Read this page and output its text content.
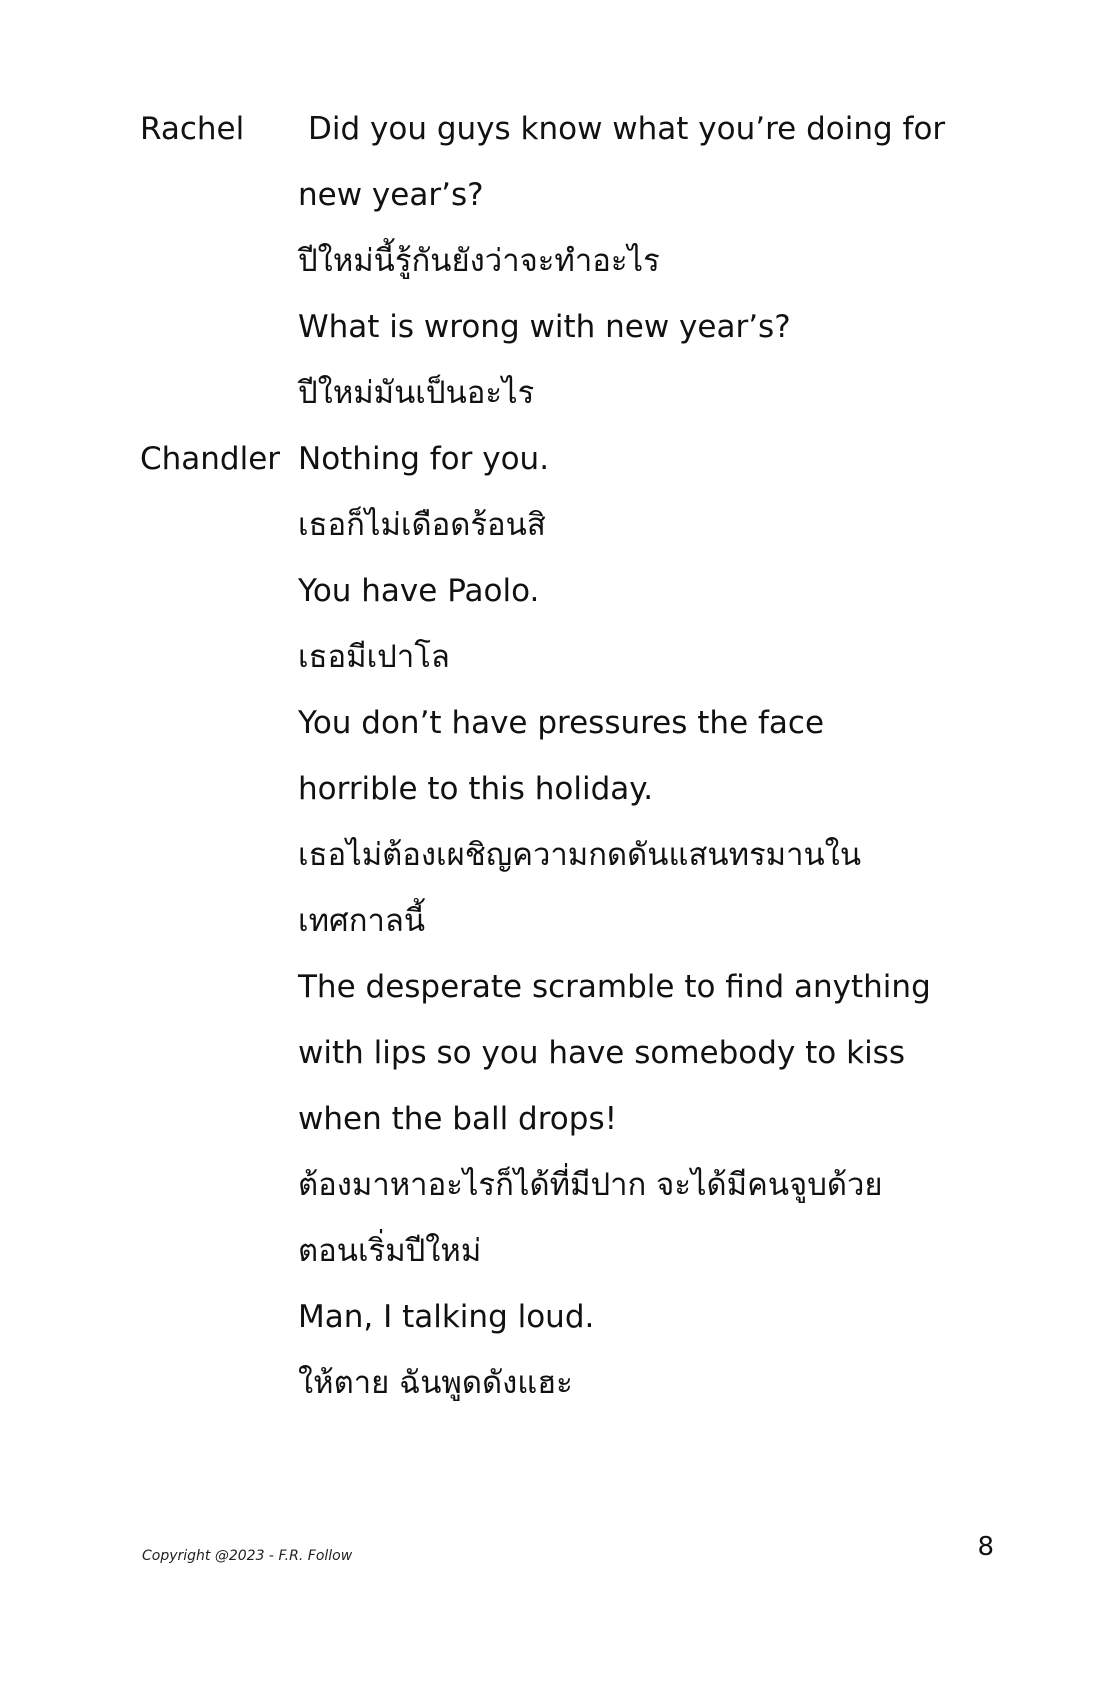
Rachel	Did you guys know what you’re doing for
new year’s?
ปีใหม่นี้รู้กันยังว่าจะทำอะไร
What is wrong with new year’s?
ปีใหม่มันเป็นอะไร
Chandler Nothing for you.
เธอก็ไม่เดือดร้อนสิ
You have Paolo.
เธอมีเปาโล
You don’t have pressures the face
horrible to this holiday.
เธอไม่ต้องเผชิญความกดดันแสนทรมานใน
เทศกาลนี้
The desperate scramble to find anything
with lips so you have somebody to kiss
when the ball drops!
ต้องมาหาอะไรก็ได้ที่มีปาก จะได้มีคนจูบด้วย
ตอนเริ่มปีใหม่
Man, I talking loud.
ให้ตาย ฉันพูดดังแฮะ
Copyright @2023 - F.R. Follow	8
